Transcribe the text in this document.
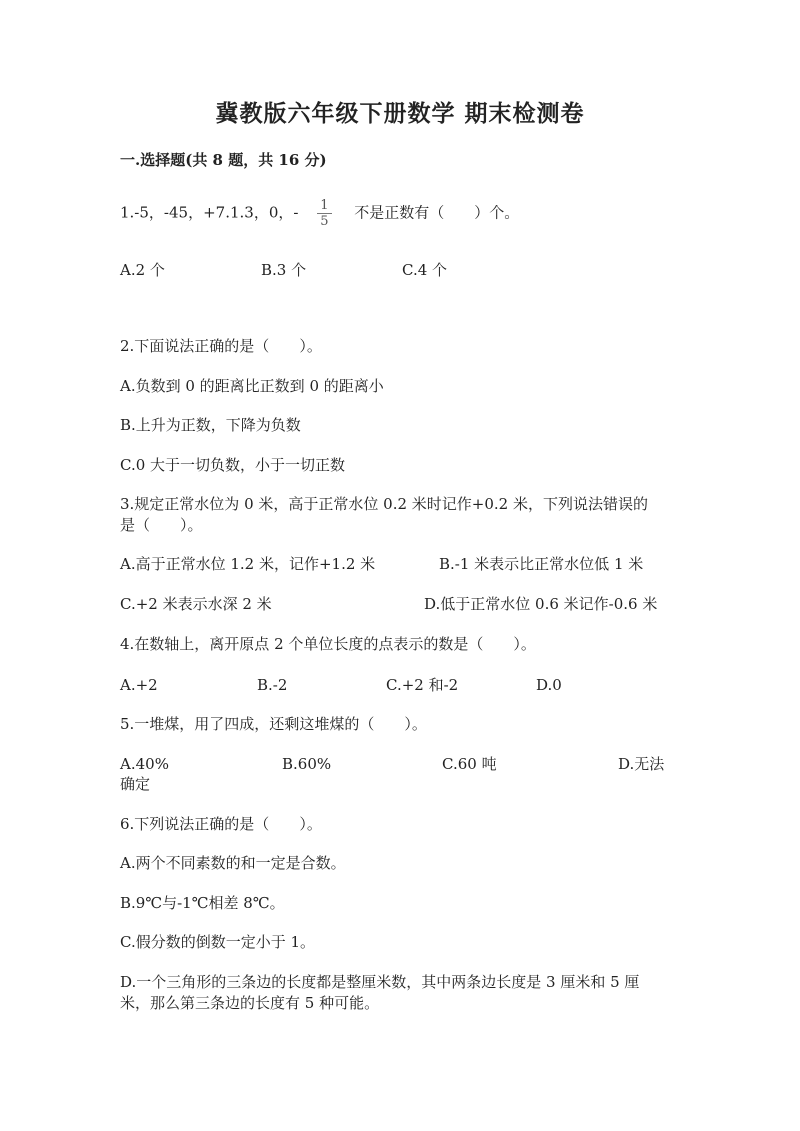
冀教版六年级下册数学 期末检测卷
一.选择题(共 8 题，共 16 分)
1.-5，-45，+7.1.3，0，- $\frac{1}{5}$ 不是正数有（　　）个。
A.2 个	B.3 个	C.4 个
2.下面说法正确的是（　　）。
A.负数到 0 的距离比正数到 0 的距离小
B.上升为正数，下降为负数
C.0 大于一切负数，小于一切正数
3.规定正常水位为 0 米，高于正常水位 0.2 米时记作+0.2 米，下列说法错误的
是（　　）。
A.高于正常水位 1.2 米，记作+1.2 米	B.-1 米表示比正常水位低 1 米
C.+2 米表示水深 2 米	D.低于正常水位 0.6 米记作-0.6 米
4.在数轴上，离开原点 2 个单位长度的点表示的数是（　　）。
A.+2	B.-2	C.+2 和-2	D.0
5.一堆煤，用了四成，还剩这堆煤的（　　）。
A.40%	B.60%	C.60 吨	D.无法
确定
6.下列说法正确的是（　　）。
A.两个不同素数的和一定是合数。
B.9℃与-1℃相差 8℃。
C.假分数的倒数一定小于 1。
D.一个三角形的三条边的长度都是整厘米数，其中两条边长度是 3 厘米和 5 厘
米，那么第三条边的长度有 5 种可能。
